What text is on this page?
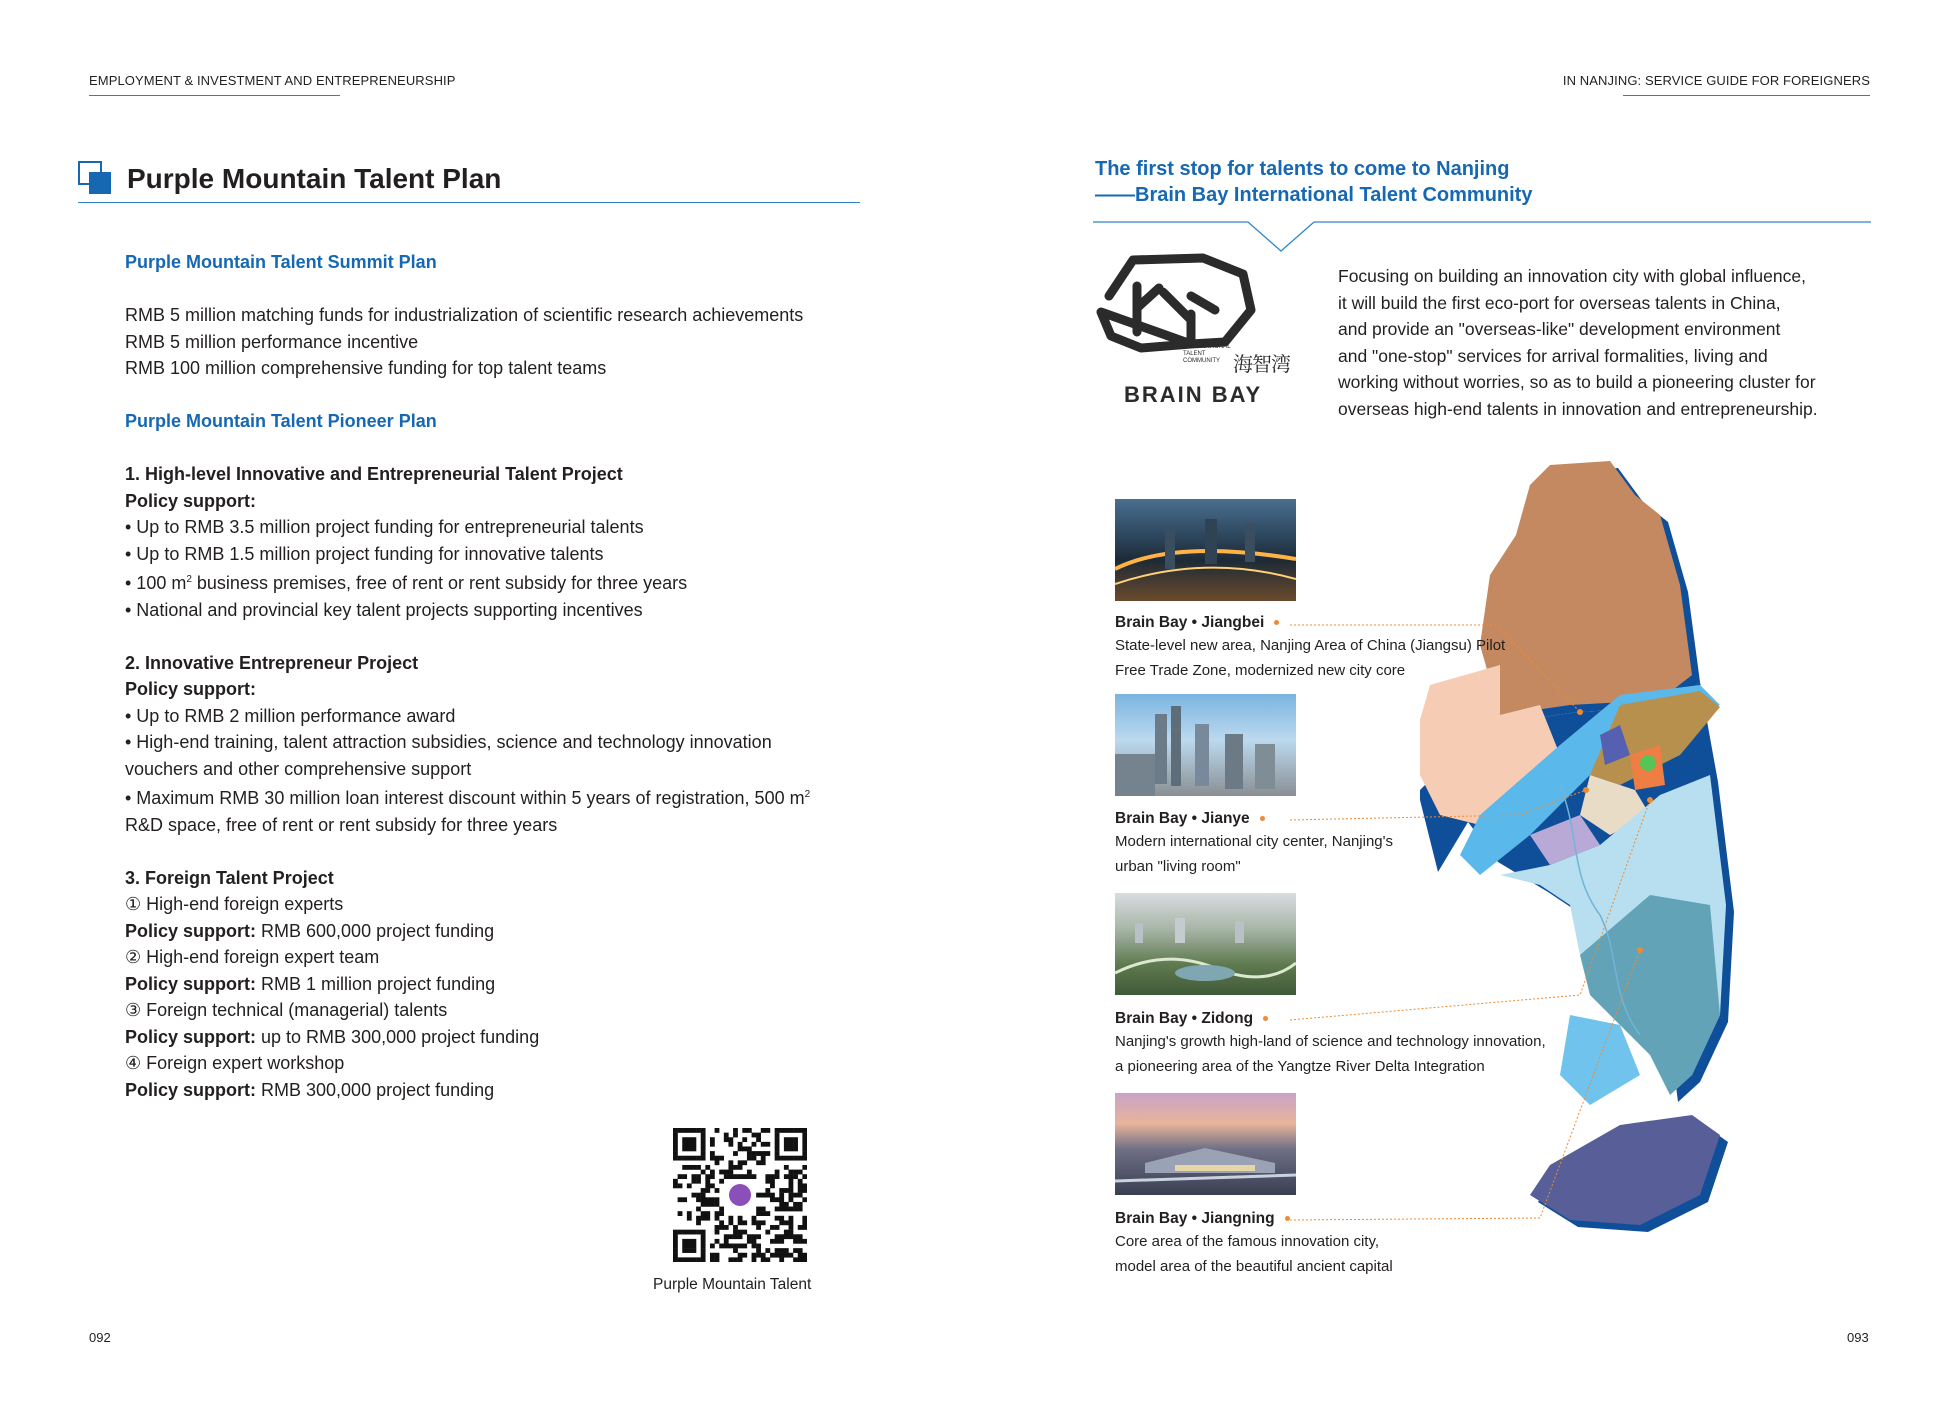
EMPLOYMENT & INVESTMENT AND ENTREPRENEURSHIP	IN NANJING: SERVICE GUIDE FOR FOREIGNERS
Purple Mountain Talent Plan
Purple Mountain Talent Summit Plan
RMB 5 million matching funds for industrialization of scientific research achievements
RMB 5 million performance incentive
RMB 100 million comprehensive funding for top talent teams
Purple Mountain Talent Pioneer Plan
1. High-level Innovative and Entrepreneurial Talent Project
Policy support:
• Up to RMB 3.5 million project funding for entrepreneurial talents
• Up to RMB 1.5 million project funding for innovative talents
• 100 $m^2$ business premises, free of rent or rent subsidy for three years
• National and provincial key talent projects supporting incentives
2. Innovative Entrepreneur Project
Policy support:
• Up to RMB 2 million performance award
• High-end training, talent attraction subsidies, science and technology innovation
vouchers and other comprehensive support
• Maximum RMB 30 million loan interest discount within 5 years of registration, 500 $m^2$
R&D space, free of rent or rent subsidy for three years
3. Foreign Talent Project
① High-end foreign experts
Policy support: RMB 600,000 project funding
② High-end foreign expert team
Policy support: RMB 1 million project funding
③ Foreign technical (managerial) talents
Policy support: up to RMB 300,000 project funding
④ Foreign expert workshop
Policy support: RMB 300,000 project funding
Purple Mountain Talent
092
The first stop for talents to come to Nanjing
——Brain Bay International Talent Community
INTERNATIONAL
TALENT
COMMUNITY 海智湾
BRAIN BAY
Focusing on building an innovation city with global influence,
it will build the first eco-port for overseas talents in China,
and provide an "overseas-like" development environment
and "one-stop" services for arrival formalities, living and
working without worries, so as to build a pioneering cluster for
overseas high-end talents in innovation and entrepreneurship.
Brain Bay • Jiangbei
State-level new area, Nanjing Area of China (Jiangsu) Pilot
Free Trade Zone, modernized new city core
Brain Bay • Jianye
Modern international city center, Nanjing's
urban "living room"
Brain Bay • Zidong
Nanjing's growth high-land of science and technology innovation,
a pioneering area of the Yangtze River Delta Integration
Brain Bay • Jiangning
Core area of the famous innovation city,
model area of the beautiful ancient capital
093
